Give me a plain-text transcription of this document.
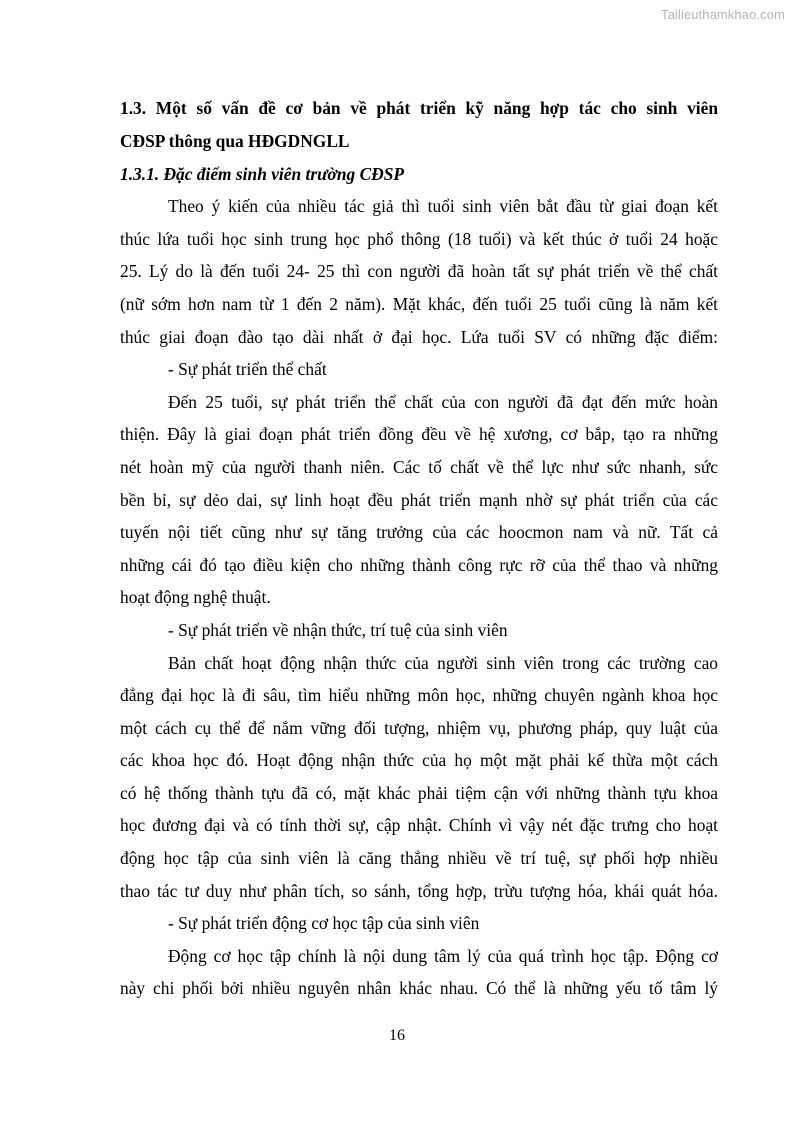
Tailieuthamkhao.com
1.3. Một số vấn đề cơ bản về phát triển kỹ năng hợp tác cho sinh viên
CĐSP thông qua HĐGDNGLL
1.3.1. Đặc điểm sinh viên trường CĐSP
Theo ý kiến của nhiều tác giả thì tuổi sinh viên bắt đầu từ giai đoạn kết
thúc lứa tuổi học sinh trung học phổ thông (18 tuổi) và kết thúc ở tuổi 24 hoặc
25. Lý do là đến tuổi 24- 25 thì con người đã hoàn tất sự phát triển về thể chất
(nữ sớm hơn nam từ 1 đến 2 năm). Mặt khác, đến tuổi 25 tuổi cũng là năm kết
thúc giai đoạn đào tạo dài nhất ở đại học. Lứa tuổi SV có những đặc điểm:
- Sự phát triển thể chất
Đến 25 tuổi, sự phát triển thể chất của con người đã đạt đến mức hoàn
thiện. Đây là giai đoạn phát triển đồng đều về hệ xương, cơ bắp, tạo ra những
nét hoàn mỹ của người thanh niên. Các tố chất về thể lực như sức nhanh, sức
bền bỉ, sự dẻo dai, sự linh hoạt đều phát triển mạnh nhờ sự phát triển của các
tuyến nội tiết cũng như sự tăng trưởng của các hoocmon nam và nữ. Tất cả
những cái đó tạo điều kiện cho những thành công rực rỡ của thể thao và những
hoạt động nghệ thuật.
- Sự phát triển về nhận thức, trí tuệ của sinh viên
Bản chất hoạt động nhận thức của người sinh viên trong các trường cao
đẳng đại học là đi sâu, tìm hiểu những môn học, những chuyên ngành khoa học
một cách cụ thể để nắm vững đối tượng, nhiệm vụ, phương pháp, quy luật của
các khoa học đó. Hoạt động nhận thức của họ một mặt phải kế thừa một cách
có hệ thống thành tựu đã có, mặt khác phải tiệm cận với những thành tựu khoa
học đương đại và có tính thời sự, cập nhật. Chính vì vậy nét đặc trưng cho hoạt
động học tập của sinh viên là căng thẳng nhiều về trí tuệ, sự phối hợp nhiều
thao tác tư duy như phân tích, so sánh, tổng hợp, trừu tượng hóa, khái quát hóa.
- Sự phát triển động cơ học tập của sinh viên
Động cơ học tập chính là nội dung tâm lý của quá trình học tập. Động cơ
này chi phối bởi nhiều nguyên nhân khác nhau. Có thể là những yếu tố tâm lý
16
